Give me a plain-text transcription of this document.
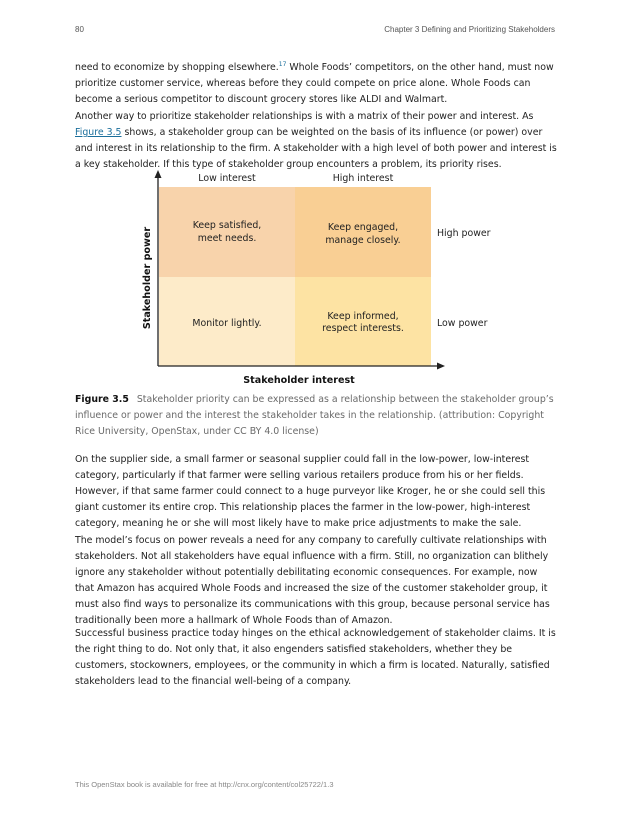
80	Chapter 3 Defining and Prioritizing Stakeholders

need to economize by shopping elsewhere.$^{17}$ Whole Foods’ competitors, on the other hand, must now prioritize customer service, whereas before they could compete on price alone. Whole Foods can become a serious competitor to discount grocery stores like ALDI and Walmart.

Another way to prioritize stakeholder relationships is with a matrix of their power and interest. As Figure 3.5 shows, a stakeholder group can be weighted on the basis of its influence (or power) over and interest in its relationship to the firm. A stakeholder with a high level of both power and interest is a key stakeholder. If this type of stakeholder group encounters a problem, its priority rises.

Low interest	High interest
High power
Low power
Keep satisfied,
meet needs.
Keep engaged,
manage closely.
Monitor lightly.
Keep informed,
respect interests.
Stakeholder power
Stakeholder interest
Figure 3.5 Stakeholder priority can be expressed as a relationship between the stakeholder group’s influence or power and the interest the stakeholder takes in the relationship. (attribution: Copyright Rice University, OpenStax, under CC BY 4.0 license)

On the supplier side, a small farmer or seasonal supplier could fall in the low-power, low-interest category, particularly if that farmer were selling various retailers produce from his or her fields. However, if that same farmer could connect to a huge purveyor like Kroger, he or she could sell this giant customer its entire crop. This relationship places the farmer in the low-power, high-interest category, meaning he or she will most likely have to make price adjustments to make the sale.

The model’s focus on power reveals a need for any company to carefully cultivate relationships with stakeholders. Not all stakeholders have equal influence with a firm. Still, no organization can blithely ignore any stakeholder without potentially debilitating economic consequences. For example, now that Amazon has acquired Whole Foods and increased the size of the customer stakeholder group, it must also find ways to personalize its communications with this group, because personal service has traditionally been more a hallmark of Whole Foods than of Amazon.

Successful business practice today hinges on the ethical acknowledgement of stakeholder claims. It is the right thing to do. Not only that, it also engenders satisfied stakeholders, whether they be customers, stockowners, employees, or the community in which a firm is located. Naturally, satisfied stakeholders lead to the financial well-being of a company.

This OpenStax book is available for free at http://cnx.org/content/col25722/1.3
